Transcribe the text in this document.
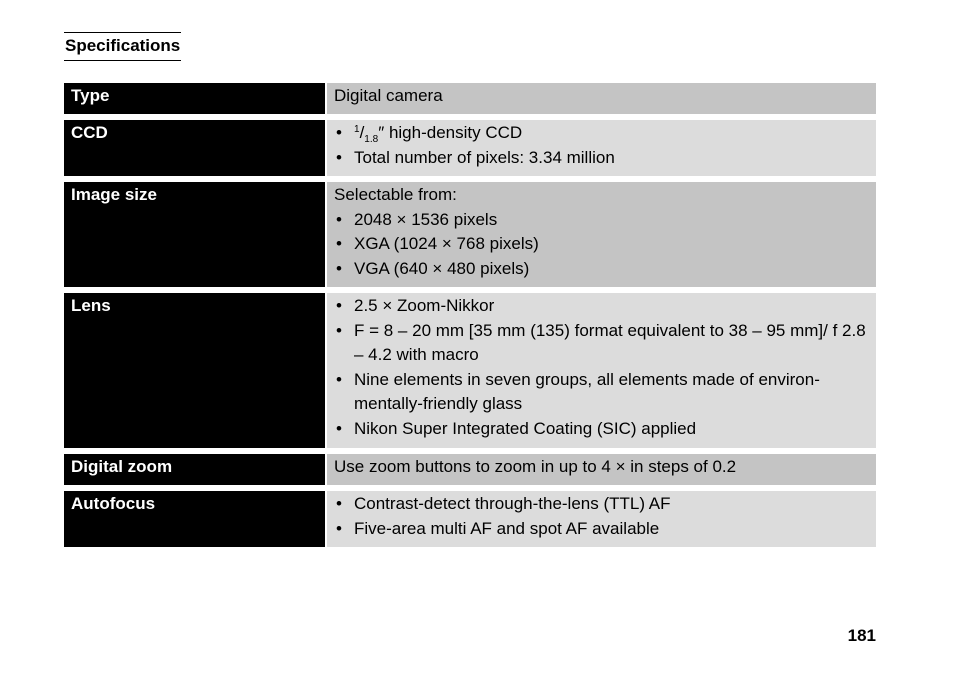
Specifications
Type	Digital camera
CCD	• $^1/_{1.8}''$ high-density CCD
• Total number of pixels: 3.34 million
Image size	Selectable from:
• 2048 × 1536 pixels
• XGA (1024 × 768 pixels)
• VGA (640 × 480 pixels)
Lens	• 2.5 × Zoom-Nikkor
• F = 8 – 20 mm [35 mm (135) format equivalent to 38 – 95 mm]/ f 2.8 – 4.2 with macro
• Nine elements in seven groups, all elements made of environ-mentally-friendly glass
• Nikon Super Integrated Coating (SIC) applied
Digital zoom	Use zoom buttons to zoom in up to 4 × in steps of 0.2
Autofocus	• Contrast-detect through-the-lens (TTL) AF
• Five-area multi AF and spot AF available
181
